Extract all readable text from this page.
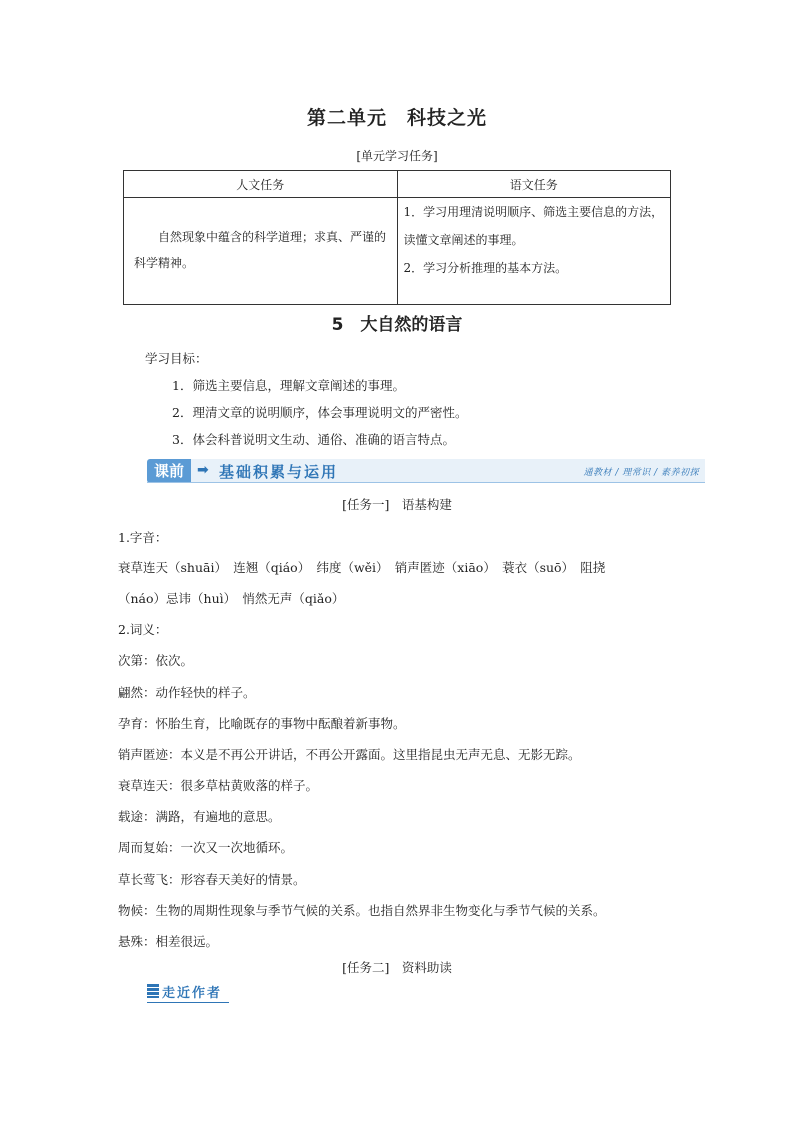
第二单元　科技之光
[单元学习任务]
人文任务	语文任务

自然现象中蕴含的科学道理；求真、严谨的科学精神。	1．学习用理清说明顺序、筛选主要信息的方法，读懂文章阐述的事理。
2．学习分析推理的基本方法。
5　大自然的语言
学习目标：
1．筛选主要信息，理解文章阐述的事理。
2．理清文章的说明顺序，体会事理说明文的严密性。
3．体会科普说明文生动、通俗、准确的语言特点。
课前 ➡ 基础积累与运用	通教材 / 理常识 / 素养初探
[任务一]　语基构建
1.字音：
衰草连天（shuāi）　连翘（qiáo）　纬度（wěi）　销声匿迹（xiāo）　蓑衣（suō）　阻挠
（náo）忌讳（huì）　悄然无声（qiǎo）
2.词义：
次第：依次。
翩然：动作轻快的样子。
孕育：怀胎生育，比喻既存的事物中酝酿着新事物。
销声匿迹：本义是不再公开讲话，不再公开露面。这里指昆虫无声无息、无影无踪。
衰草连天：很多草枯黄败落的样子。
载途：满路，有遍地的意思。
周而复始：一次又一次地循环。
草长莺飞：形容春天美好的情景。
物候：生物的周期性现象与季节气候的关系。也指自然界非生物变化与季节气候的关系。
悬殊：相差很远。
[任务二]　资料助读
走近作者
